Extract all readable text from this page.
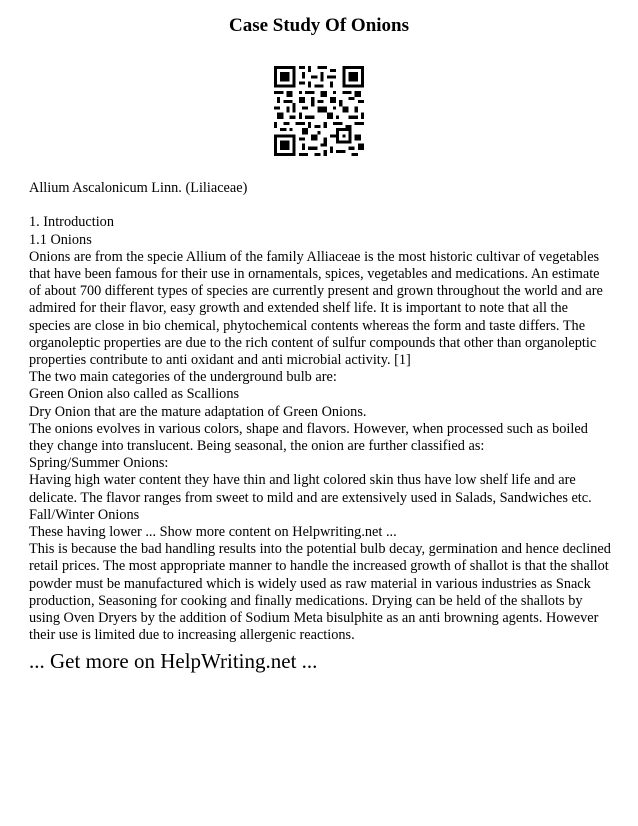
Case Study Of Onions

Allium Ascalonicum Linn. (Liliaceae)

1. Introduction

1.1 Onions

Onions are from the specie Allium of the family Alliaceae is the most historic cultivar of vegetables that have been famous for their use in ornamentals, spices, vegetables and medications. An estimate of about 700 different types of species are currently present and grown throughout the world and are admired for their flavor, easy growth and extended shelf life. It is important to note that all the species are close in bio chemical, phytochemical contents whereas the form and taste differs. The organoleptic properties are due to the rich content of sulfur compounds that other than organoleptic properties contribute to anti oxidant and anti microbial activity. [1]

The two main categories of the underground bulb are:

Green Onion also called as Scallions

Dry Onion that are the mature adaptation of Green Onions.

The onions evolves in various colors, shape and flavors. However, when processed such as boiled they change into translucent. Being seasonal, the onion are further classified as:

Spring/Summer Onions:

Having high water content they have thin and light colored skin thus have low shelf life and are delicate. The flavor ranges from sweet to mild and are extensively used in Salads, Sandwiches etc.

Fall/Winter Onions

These having lower ... Show more content on Helpwriting.net ...

This is because the bad handling results into the potential bulb decay, germination and hence declined retail prices. The most appropriate manner to handle the increased growth of shallot is that the shallot powder must be manufactured which is widely used as raw material in various industries as Snack production, Seasoning for cooking and finally medications. Drying can be held of the shallots by using Oven Dryers by the addition of Sodium Meta bisulphite as an anti browning agents. However their use is limited due to increasing allergenic reactions.

... Get more on HelpWriting.net ...
